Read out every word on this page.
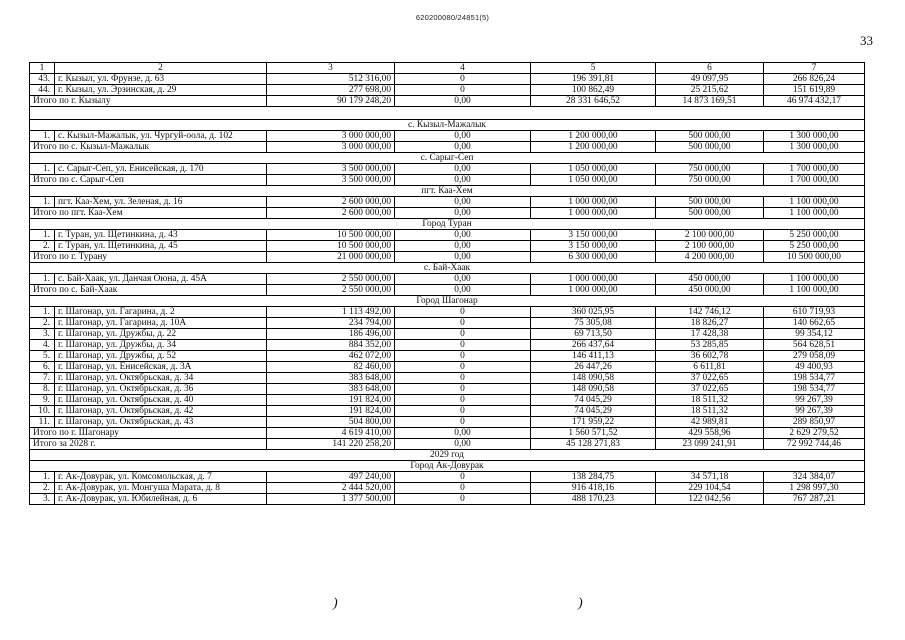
620200080/24851(5)
33
1	2	3	4	5	6	7
43.	г. Кызыл, ул. Фрунзе, д. 63	512 316,00	0	196 391,81	49 097,95	266 826,24
44.	г. Кызыл, ул. Эрзинская, д. 29	277 698,00	0	100 862,49	25 215,62	151 619,89
Итого по г. Кызылу		90 179 248,20	0,00	28 331 646,52	14 873 169,51	46 974 432,17

с. Кызыл-Мажалык						
1.	с. Кызыл-Мажалык, ул. Чургуй-оола, д. 102	3 000 000,00	0,00	1 200 000,00	500 000,00	1 300 000,00
Итого по с. Кызыл-Мажалык		3 000 000,00	0,00	1 200 000,00	500 000,00	1 300 000,00
с. Сарыг-Сеп						
1.	с. Сарыг-Сеп, ул. Енисейская, д. 170	3 500 000,00	0,00	1 050 000,00	750 000,00	1 700 000,00
Итого по с. Сарыг-Сеп		3 500 000,00	0,00	1 050 000,00	750 000,00	1 700 000,00
пгт. Каа-Хем						
1.	пгт. Каа-Хем, ул. Зеленая, д. 16	2 600 000,00	0,00	1 000 000,00	500 000,00	1 100 000,00
Итого по пгт. Каа-Хем		2 600 000,00	0,00	1 000 000,00	500 000,00	1 100 000,00
Город Туран						
1.	г. Туран, ул. Щетинкина, д. 43	10 500 000,00	0,00	3 150 000,00	2 100 000,00	5 250 000,00
2.	г. Туран, ул. Щетинкина, д. 45	10 500 000,00	0,00	3 150 000,00	2 100 000,00	5 250 000,00
Итого по г. Турану		21 000 000,00	0,00	6 300 000,00	4 200 000,00	10 500 000,00
с. Бай-Хаак						
1.	с. Бай-Хаак, ул. Данчая Оюна, д. 45А	2 550 000,00	0,00	1 000 000,00	450 000,00	1 100 000,00
Итого по с. Бай-Хаак		2 550 000,00	0,00	1 000 000,00	450 000,00	1 100 000,00
Город Шагонар						
1.	г. Шагонар, ул. Гагарина, д. 2	1 113 492,00	0	360 025,95	142 746,12	610 719,93
2.	г. Шагонар, ул. Гагарина, д. 10А	234 794,00	0	75 305,08	18 826,27	140 662,65
3.	г. Шагонар, ул. Дружбы, д. 22	186 496,00	0	69 713,50	17 428,38	99 354,12
4.	г. Шагонар, ул. Дружбы, д. 34	884 352,00	0	266 437,64	53 285,85	564 628,51
5.	г. Шагонар, ул. Дружбы, д. 52	462 072,00	0	146 411,13	36 602,78	279 058,09
6.	г. Шагонар, ул. Енисейская, д. 3А	82 460,00	0	26 447,26	6 611,81	49 400,93
7.	г. Шагонар, ул. Октябрьская, д. 34	383 648,00	0	148 090,58	37 022,65	198 534,77
8.	г. Шагонар, ул. Октябрьская, д. 36	383 648,00	0	148 090,58	37 022,65	198 534,77
9.	г. Шагонар, ул. Октябрьская, д. 40	191 824,00	0	74 045,29	18 511,32	99 267,39
10.	г. Шагонар, ул. Октябрьская, д. 42	191 824,00	0	74 045,29	18 511,32	99 267,39
11.	г. Шагонар, ул. Октябрьская, д. 43	504 800,00	0	171 959,22	42 989,81	289 850,97
Итого по г. Шагонару		4 619 410,00	0,00	1 560 571,52	429 558,96	2 629 279,52
Итого за 2028 г.		141 220 258,20	0,00	45 128 271,83	23 099 241,91	72 992 744,46
2029 год						
Город Ак-Довурак						
1.	г. Ак-Довурак, ул. Комсомольская, д. 7	497 240,00	0	138 284,75	34 571,18	324 384,07
2.	г. Ак-Довурак, ул. Монгуша Марата, д. 8	2 444 520,00	0	916 418,16	229 104,54	1 298 997,30
3.	г. Ак-Довурак, ул. Юбилейная, д. 6	1 377 500,00	0	488 170,23	122 042,56	767 287,21
)	)
